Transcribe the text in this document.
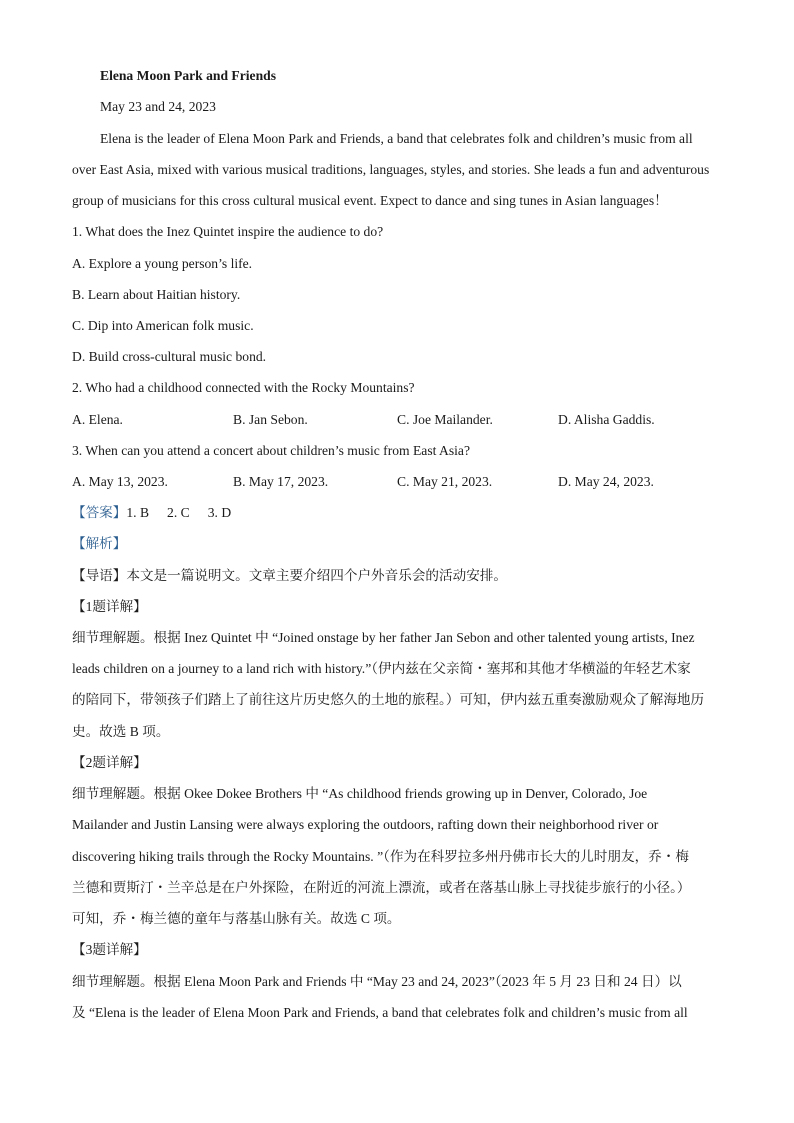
Elena Moon Park and Friends
May 23 and 24, 2023
Elena is the leader of Elena Moon Park and Friends, a band that celebrates folk and children’s music from all
over East Asia, mixed with various musical traditions, languages, styles, and stories. She leads a fun and adventurous
group of musicians for this cross cultural musical event. Expect to dance and sing tunes in Asian languages！
1. What does the Inez Quintet inspire the audience to do?
A. Explore a young person’s life.
B. Learn about Haitian history.
C. Dip into American folk music.
D. Build cross-cultural music bond.
2. Who had a childhood connected with the Rocky Mountains?
A. Elena.	B. Jan Sebon.	C. Joe Mailander.	D. Alisha Gaddis.
3. When can you attend a concert about children’s music from East Asia?
A. May 13, 2023.	B. May 17, 2023.	C. May 21, 2023.	D. May 24, 2023.
【答案】1. B 2. C 3. D
【解析】
【导语】本文是一篇说明文。文章主要介绍四个户外音乐会的活动安排。
【1题详解】
细节理解题。根据 Inez Quintet 中 “Joined onstage by her father Jan Sebon and other talented young artists, Inez
leads children on a journey to a land rich with history.”（伊内兹在父亲简・塞邦和其他才华横溢的年轻艺术家
的陪同下，带领孩子们踏上了前往这片历史悠久的土地的旅程。）可知，伊内兹五重奏激励观众了解海地历
史。故选 B 项。
【2题详解】
细节理解题。根据 Okee Dokee Brothers 中 “As childhood friends growing up in Denver, Colorado, Joe
Mailander and Justin Lansing were always exploring the outdoors, rafting down their neighborhood river or
discovering hiking trails through the Rocky Mountains. ”（作为在科罗拉多州丹佛市长大的儿时朋友，乔・梅
兰德和贾斯汀・兰辛总是在户外探险，在附近的河流上漂流，或者在落基山脉上寻找徒步旅行的小径。）
可知，乔・梅兰德的童年与落基山脉有关。故选 C 项。
【3题详解】
细节理解题。根据 Elena Moon Park and Friends 中 “May 23 and 24, 2023”（2023 年 5 月 23 日和 24 日）以
及 “Elena is the leader of Elena Moon Park and Friends, a band that celebrates folk and children’s music from all
